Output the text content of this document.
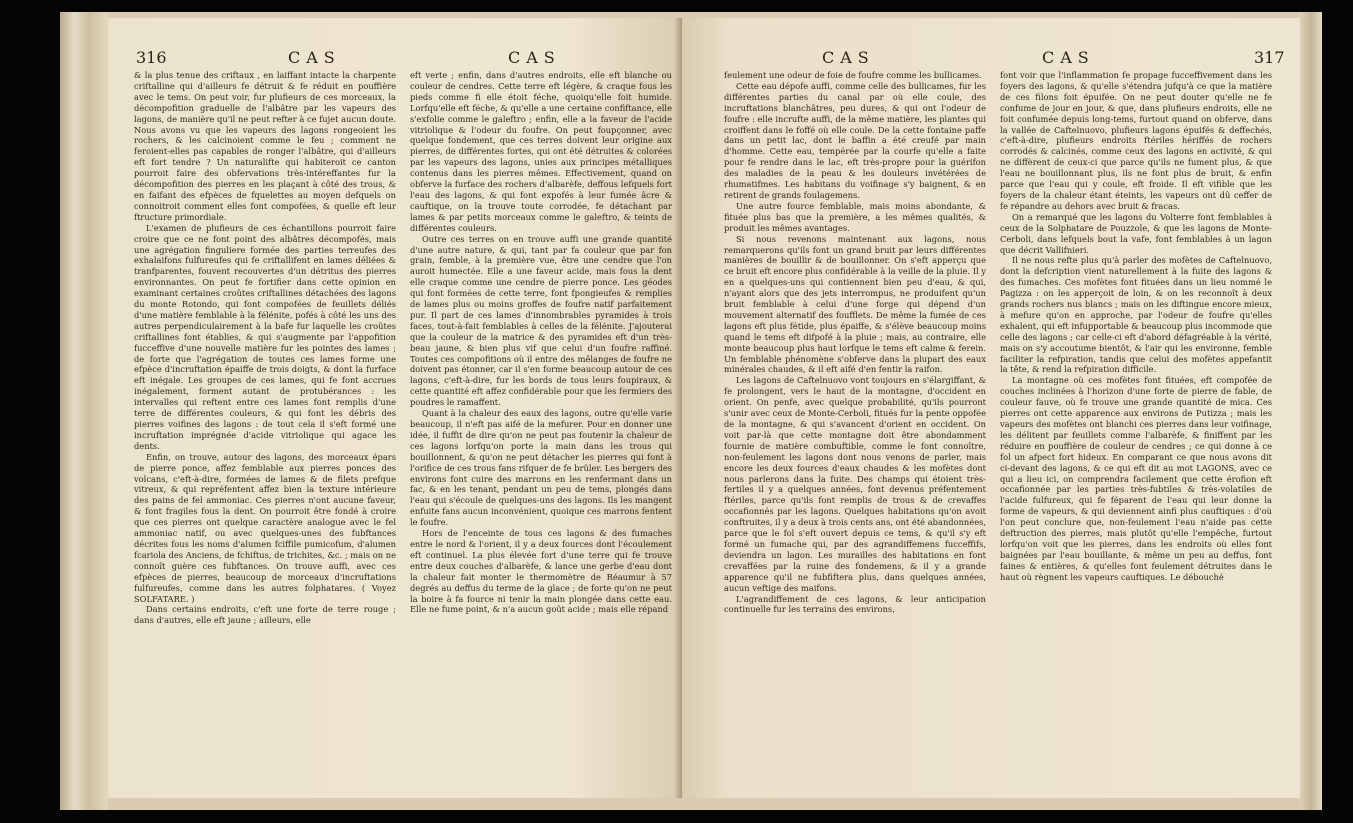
316	CAS	CAS

& la plus tenue des criftaux , en laiffant intacte la charpente criftalline qui d'ailleurs fe détruit & fe réduit en pouffière avec le tems. On peut voir, fur plufieurs de ces morceaux, la décompofition graduelle de l'albâtre par les vapeurs des lagons, de manière qu'il ne peut refter à ce fujet aucun doute. Nous avons vu que les vapeurs des lagons rongeoient les rochers, & les calcinoient comme le feu ; comment ne feroient-elles pas capables de ronger l'albâtre, qui d'ailleurs eft fort tendre ? Un naturalifte qui habiteroit ce canton pourroit faire des obfervations très-intéreffantes fur la décompofition des pierres en les plaçant à côté des trous, & en faifant des efpèces de fquelettes au moyen defquels on connoitroit comment elles font compofées, & quelle eft leur ftructure primordiale.

L'examen de plufieurs de ces échantillons pourroit faire croire que ce ne font point des albâtres décompofés, mais une agrégation finguliere formée des parties terreufes des exhalaifons fulfureufes qui fe criftallifent en lames déliées & tranfparentes, fouvent recouvertes d'un détritus des pierres environnantes. On peut fe fortifier dans cette opinion en examinant certaines croûtes criftallines détachées des lagons du monte Rotondo, qui font compofées de feuillets déliés d'une matière femblable à la félénite, pofés à côté les uns des autres perpendiculairement à la bafe fur laquelle les croûtes criftallines font établies, & qui s'augmente par l'appofition fucceffive d'une nouvelle matière fur les pointes des lames ; de forte que l'agrégation de toutes ces lames forme une efpèce d'incruftation épaiffe de trois doigts, & dont la furface eft inégale. Les groupes de ces lames, qui fe font accrues inégalement, forment autant de protubérances : les intervalles qui reftent entre ces lames font remplis d'une terre de différentes couleurs, & qui font les débris des pierres voifines des lagons : de tout cela il s'eft formé une incruftation imprégnée d'acide vitriolique qui agace les dents.

Enfin, on trouve, autour des lagons, des morceaux épars de pierre ponce, affez femblable aux pierres ponces des volcans, c'eft-à-dire, formées de lames & de filets prefque vitreux, & qui repréfentent affez bien la texture intérieure des pains de fel ammoniac. Ces pierres n'ont aucune faveur, & font fragiles fous la dent. On pourroit être fondé à croire que ces pierres ont quelque caractère analogue avec le fel ammoniac natif, ou avec quelques-unes des fubftances décrites fous les noms d'alumen fciffile pumicofum, d'alumen fcariola des Anciens, de fchiftus, de trichites, &c. ; mais on ne connoît guère ces fubftances. On trouve auffi, avec ces efpèces de pierres, beaucoup de morceaux d'incruftations fulfureufes, comme dans les autres folphatares. ( Voyez SOLFATARE. )

Dans certains endroits, c'eft une forte de terre rouge ; dans d'autres, elle eft jaune ; ailleurs, elle

eft verte ; enfin, dans d'autres endroits, elle eft blanche ou couleur de cendres. Cette terre eft légère, & craque fous les pieds comme fi elle étoit féche, quoiqu'elle foit humide. Lorfqu'elle eft féche, & qu'elle a une certaine confiftance, elle s'exfolie comme le galeftro ; enfin, elle a la faveur de l'acide vitriolique & l'odeur du foufre. On peut foupçonner, avec quelque fondement, que ces terres doivent leur origine aux pierres, de différentes fortes, qui ont été détruites & colorées par les vapeurs des lagons, unies aux principes métalliques contenus dans les pierres mêmes. Effectivement, quand on obferve la furface des rochers d'albarèfe, deffous lefquels fort l'eau des lagons, & qui font expofés à leur fumée âcre & cauftique, on la trouve toute corrodée, fe détachant par lames & par petits morceaux comme le galeftro, & teints de différentes couleurs.

Outre ces terres on en trouve auffi une grande quantité d'une autre nature, & qui, tant par fa couleur que par fon grain, femble, à la première vue, être une cendre que l'on auroit humectée. Elle a une faveur acide, mais fous la dent elle craque comme une cendre de pierre ponce. Les géodes qui font formées de cette terre, font fpongieufes & remplies de lames plus ou moins groffes de foufre natif parfaitement pur. Il part de ces lames d'innombrables pyramides à trois faces, tout-à-fait femblables à celles de la félénite. J'ajouterai que la couleur de la matrice & des pyramides eft d'un très-beau jaune, & bien plus vif que celui d'un foufre raffiné. Toutes ces compofitions où il entre des mêlanges de foufre ne doivent pas étonner, car il s'en forme beaucoup autour de ces lagons, c'eft-à-dire, fur les bords de tous leurs foupiraux, & cette quantité eft affez confidérable pour que les fermiers des poudres le ramaffent.

Quant à la chaleur des eaux des lagons, outre qu'elle varie beaucoup, il n'eft pas aifé de la mefurer. Pour en donner une idée, il fuffit de dire qu'on ne peut pas foutenir la chaleur de ces lagons lorfqu'on porte la main dans les trous qui bouillonnent, & qu'on ne peut détacher les pierres qui font à l'orifice de ces trous fans rifquer de fe brûler. Les bergers des environs font cuire des marrons en les renfermant dans un fac, & en les tenant, pendant un peu de tems, plongés dans l'eau qui s'écoule de quelques-uns des lagons. Ils les mangent enfuite fans aucun inconvénient, quoique ces marrons fentent le foufre.

Hors de l'enceinte de tous ces lagons & des fumaches entre le nord & l'orient, il y a deux fources dont l'écoulement eft continuel. La plus élevée fort d'une terre qui fe trouve entre deux couches d'albarèfe, & lance une gerbe d'eau dont la chaleur fait monter le thermomètre de Réaumur à 57 degrés au deffus du terme de la glace ; de forte qu'on ne peut la boire à fa fource ni tenir la main plongée dans cette eau. Elle ne fume point, & n'a aucun goût acide ; mais elle répand

CAS	CAS	317

feulement une odeur de foie de foufre comme les bullicames.

Cette eau dépofe auffi, comme celle des bullicames, fur les différentes parties du canal par où elle coule, des incruftations blanchâtres, peu dures, & qui ont l'odeur de foufre : elle incrufte auffi, de la même matière, les plantes qui croiffent dans le foffé où elle coule. De la cette fontaine paffe dans un petit lac, dont le baffin a été creufé par main d'homme. Cette eau, tempérée par la courfe qu'elle a faite pour fe rendre dans le lac, eft très-propre pour la guérifon des maladies de la peau & les douleurs invétérées de rhumatifmes. Les habitans du voifinage s'y baignent, & en retirent de grands foulagemens.

Une autre fource femblable, mais moins abondante, & fituée plus bas que la première, a les mêmes qualités, & produit les mêmes avantages.

Si nous revenons maintenant aux lagons, nous remarquerons qu'ils font un grand bruit par leurs différentes manières de bouillir & de bouillonner. On s'eft apperçu que ce bruit eft encore plus confidérable à la veille de la pluie. Il y en a quelques-uns qui contiennent bien peu d'eau, & qui, n'ayant alors que des jets interrompus, ne produifent qu'un bruit femblable à celui d'une forge qui dépend d'un mouvement alternatif des foufflets. De même la fumée de ces lagons eft plus fétide, plus épaiffe, & s'élève beaucoup moins quand le tems eft difpofé à la pluie ; mais, au contraire, elle monte beaucoup plus haut lorfque le tems eft calme & ferein. Un femblable phénomène s'obferve dans la plupart des eaux minérales chaudes, & il eft aifé d'en fentir la raifon.

Les lagons de Caftelnuovo vont toujours en s'élargiffant, & fe prolongent, vers le haut de la montagne, d'occident en orient. On penfe, avec quelque probabilité, qu'ils pourront s'unir avec ceux de Monte-Cerboli, fitués fur la pente oppofée de la montagne, & qui s'avancent d'orient en occident. On voit par-là que cette montagne doit être abondamment fournie de matière combuftible, comme le font connoître, non-feulement les lagons dont nous venons de parler, mais encore les deux fources d'eaux chaudes & les mofètes dont nous parlerons dans la fuite. Des champs qui étoient très-fertiles il y a quelques années, font devenus préfentement ftériles, parce qu'ils font remplis de trous & de crevaffes occafionnés par les lagons. Quelques habitations qu'on avoit conftruites, il y a deux à trois cents ans, ont été abandonnées, parce que le fol s'eft ouvert depuis ce tems, & qu'il s'y eft formé un fumache qui, par des agrandiffemens fucceffifs, deviendra un lagon. Les murailles des habitations en font crevaffées par la ruine des fondemens, & il y a grande apparence qu'il ne fubfiftera plus, dans quelques années, aucun veftige des maifons.

L'agrandiffement de ces lagons, & leur anticipation continuelle fur les terrains des environs,

font voir que l'inflammation fe propage fucceffivement dans les foyers des lagons, & qu'elle s'étendra jufqu'à ce que la matière de ces filons foit épuifée. On ne peut douter qu'elle ne fe confume de jour en jour, & que, dans plufieurs endroits, elle ne foit confumée depuis long-tems, furtout quand on obferve, dans la vallée de Caftelnuovo, plufieurs lagons épuifés & deffechés, c'eft-à-dire, plufieurs endroits ftériles hériffés de rochers corrodés & calcinés, comme ceux des lagons en activité, & qui ne diffèrent de ceux-ci que parce qu'ils ne fument plus, & que l'eau ne bouillonnant plus, ils ne font plus de bruit, & enfin parce que l'eau qui y coule, eft froide. Il eft vifible que les foyers de la chaleur étant éteints, les vapeurs ont dû ceffer de fe répandre au dehors avec bruit & fracas.

On a remarqué que les lagons du Volterre font femblables à ceux de la Solphatare de Pouzzole, & que les lagons de Monte-Cerboli, dans lefquels bout la vafe, font femblables à un lagon que décrit Vallifnieri.

Il ne nous refte plus qu'à parler des mofètes de Caftelnuovo, dont la defcription vient naturellement à la fuite des lagons & des fumaches. Ces mofètes font fituées dans un lieu nommé le Pagizza : on les apperçoit de loin, & on les reconnoît à deux grands rochers nus blancs ; mais on les diftingue encore mieux, à mefure qu'on en approche, par l'odeur de foufre qu'elles exhalent, qui eft infupportable & beaucoup plus incommode que celle des lagons ; car celle-ci eft d'abord défagréable à la vérité, mais on s'y accoutume bientôt, & l'air qui les environne, femble faciliter la refpiration, tandis que celui des mofètes appefantit la tête, & rend la refpiration difficile.

La montagne où ces mofètes font fituées, eft compofée de couches inclinées à l'horizon d'une forte de pierre de fable, de couleur fauve, où fe trouve une grande quantité de mica. Ces pierres ont cette apparence aux environs de Putizza ; mais les vapeurs des mofètes ont blanchi ces pierres dans leur voifinage, les délitent par feuillets comme l'albarèfe, & finiffent par les réduire en pouffière de couleur de cendres ; ce qui donne à ce fol un afpect fort hideux. En comparant ce que nous avons dit ci-devant des lagons, & ce qui eft dit au mot LAGONS, avec ce qui a lieu ici, on comprendra facilement que cette érofion eft occafionnée par les parties très-fubtiles & très-volatiles de l'acide fulfureux, qui fe féparent de l'eau qui leur donne la forme de vapeurs, & qui deviennent ainfi plus cauftiques : d'où l'on peut conclure que, non-feulement l'eau n'aide pas cette deftruction des pierres, mais plutôt qu'elle l'empêche, furtout lorfqu'on voit que les pierres, dans les endroits où elles font baignées par l'eau bouillante, & même un peu au deffus, font faines & entières, & qu'elles font feulement détruites dans le haut où règnent les vapeurs cauftiques. Le débouché
